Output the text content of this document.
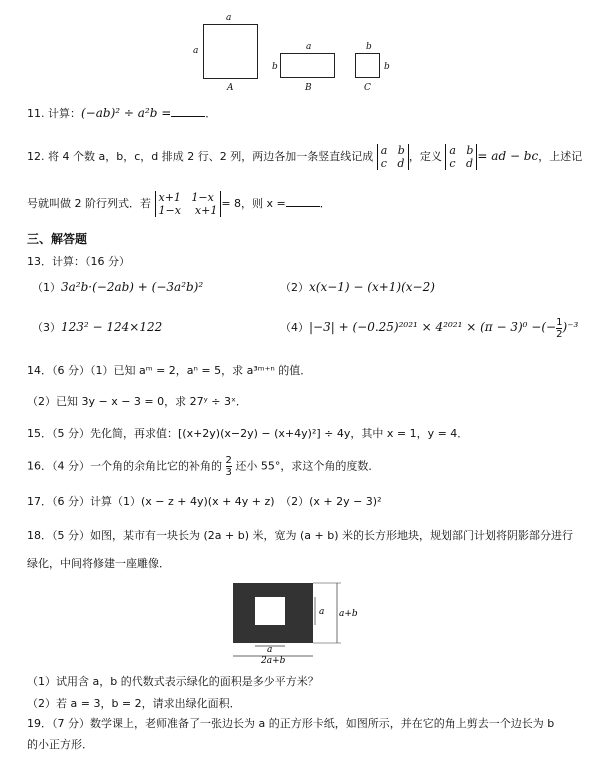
a
a
A
a
b
B
b
b
C
11. 计算：(−ab)² ÷ a²b =	．
12. 将 4 个数 a，b，c，d 排成 2 行、2 列，两边各加一条竖直线记成 a   b
c   d
，定义 a   b
c   d
= ad − bc，上述记
号就叫做 2 阶行列式．若 x+1   1−x
1−x    x+1
= 8，则 x =	．
三、解答题
13．计算：（16 分）
（1）3a²b·(−2ab) + (−3a²b)²	（2）x(x−1) − (x+1)(x−2)
（3）123² − 124×122	（4）|−3| + (−0.25)²⁰²¹ × 4²⁰²¹ × (π − 3)⁰ −(− $\frac{1}{2} )^{-3}$
14．（6 分）（1）已知 aᵐ = 2，aⁿ = 5，求 a³ᵐ⁺ⁿ 的值．
（2）已知 3y − x − 3 = 0，求 27ʸ ÷ 3ˣ．
15．（5 分）先化简，再求值：[(x+2y)(x−2y) − (x+4y)²] ÷ 4y，其中 x = 1，y = 4．
16．（4 分）一个角的余角比它的补角的 $\frac{2}{3}$ 还小 55°，求这个角的度数．
17．（6 分）计算（1）(x − z + 4y)(x + 4y + z)　（2）(x + 2y − 3)²
18．（5 分）如图，某市有一块长为 (2a + b) 米，宽为 (a + b) 米的长方形地块，规划部门计划将阴影部分进行
绿化，中间将修建一座雕像．
a a+b
a
2a+b
（1）试用含 a，b 的代数式表示绿化的面积是多少平方米？
（2）若 a = 3，b = 2，请求出绿化面积．
19．（7 分）数学课上，老师准备了一张边长为 a 的正方形卡纸，如图所示，并在它的角上剪去一个边长为 b
的小正方形．
